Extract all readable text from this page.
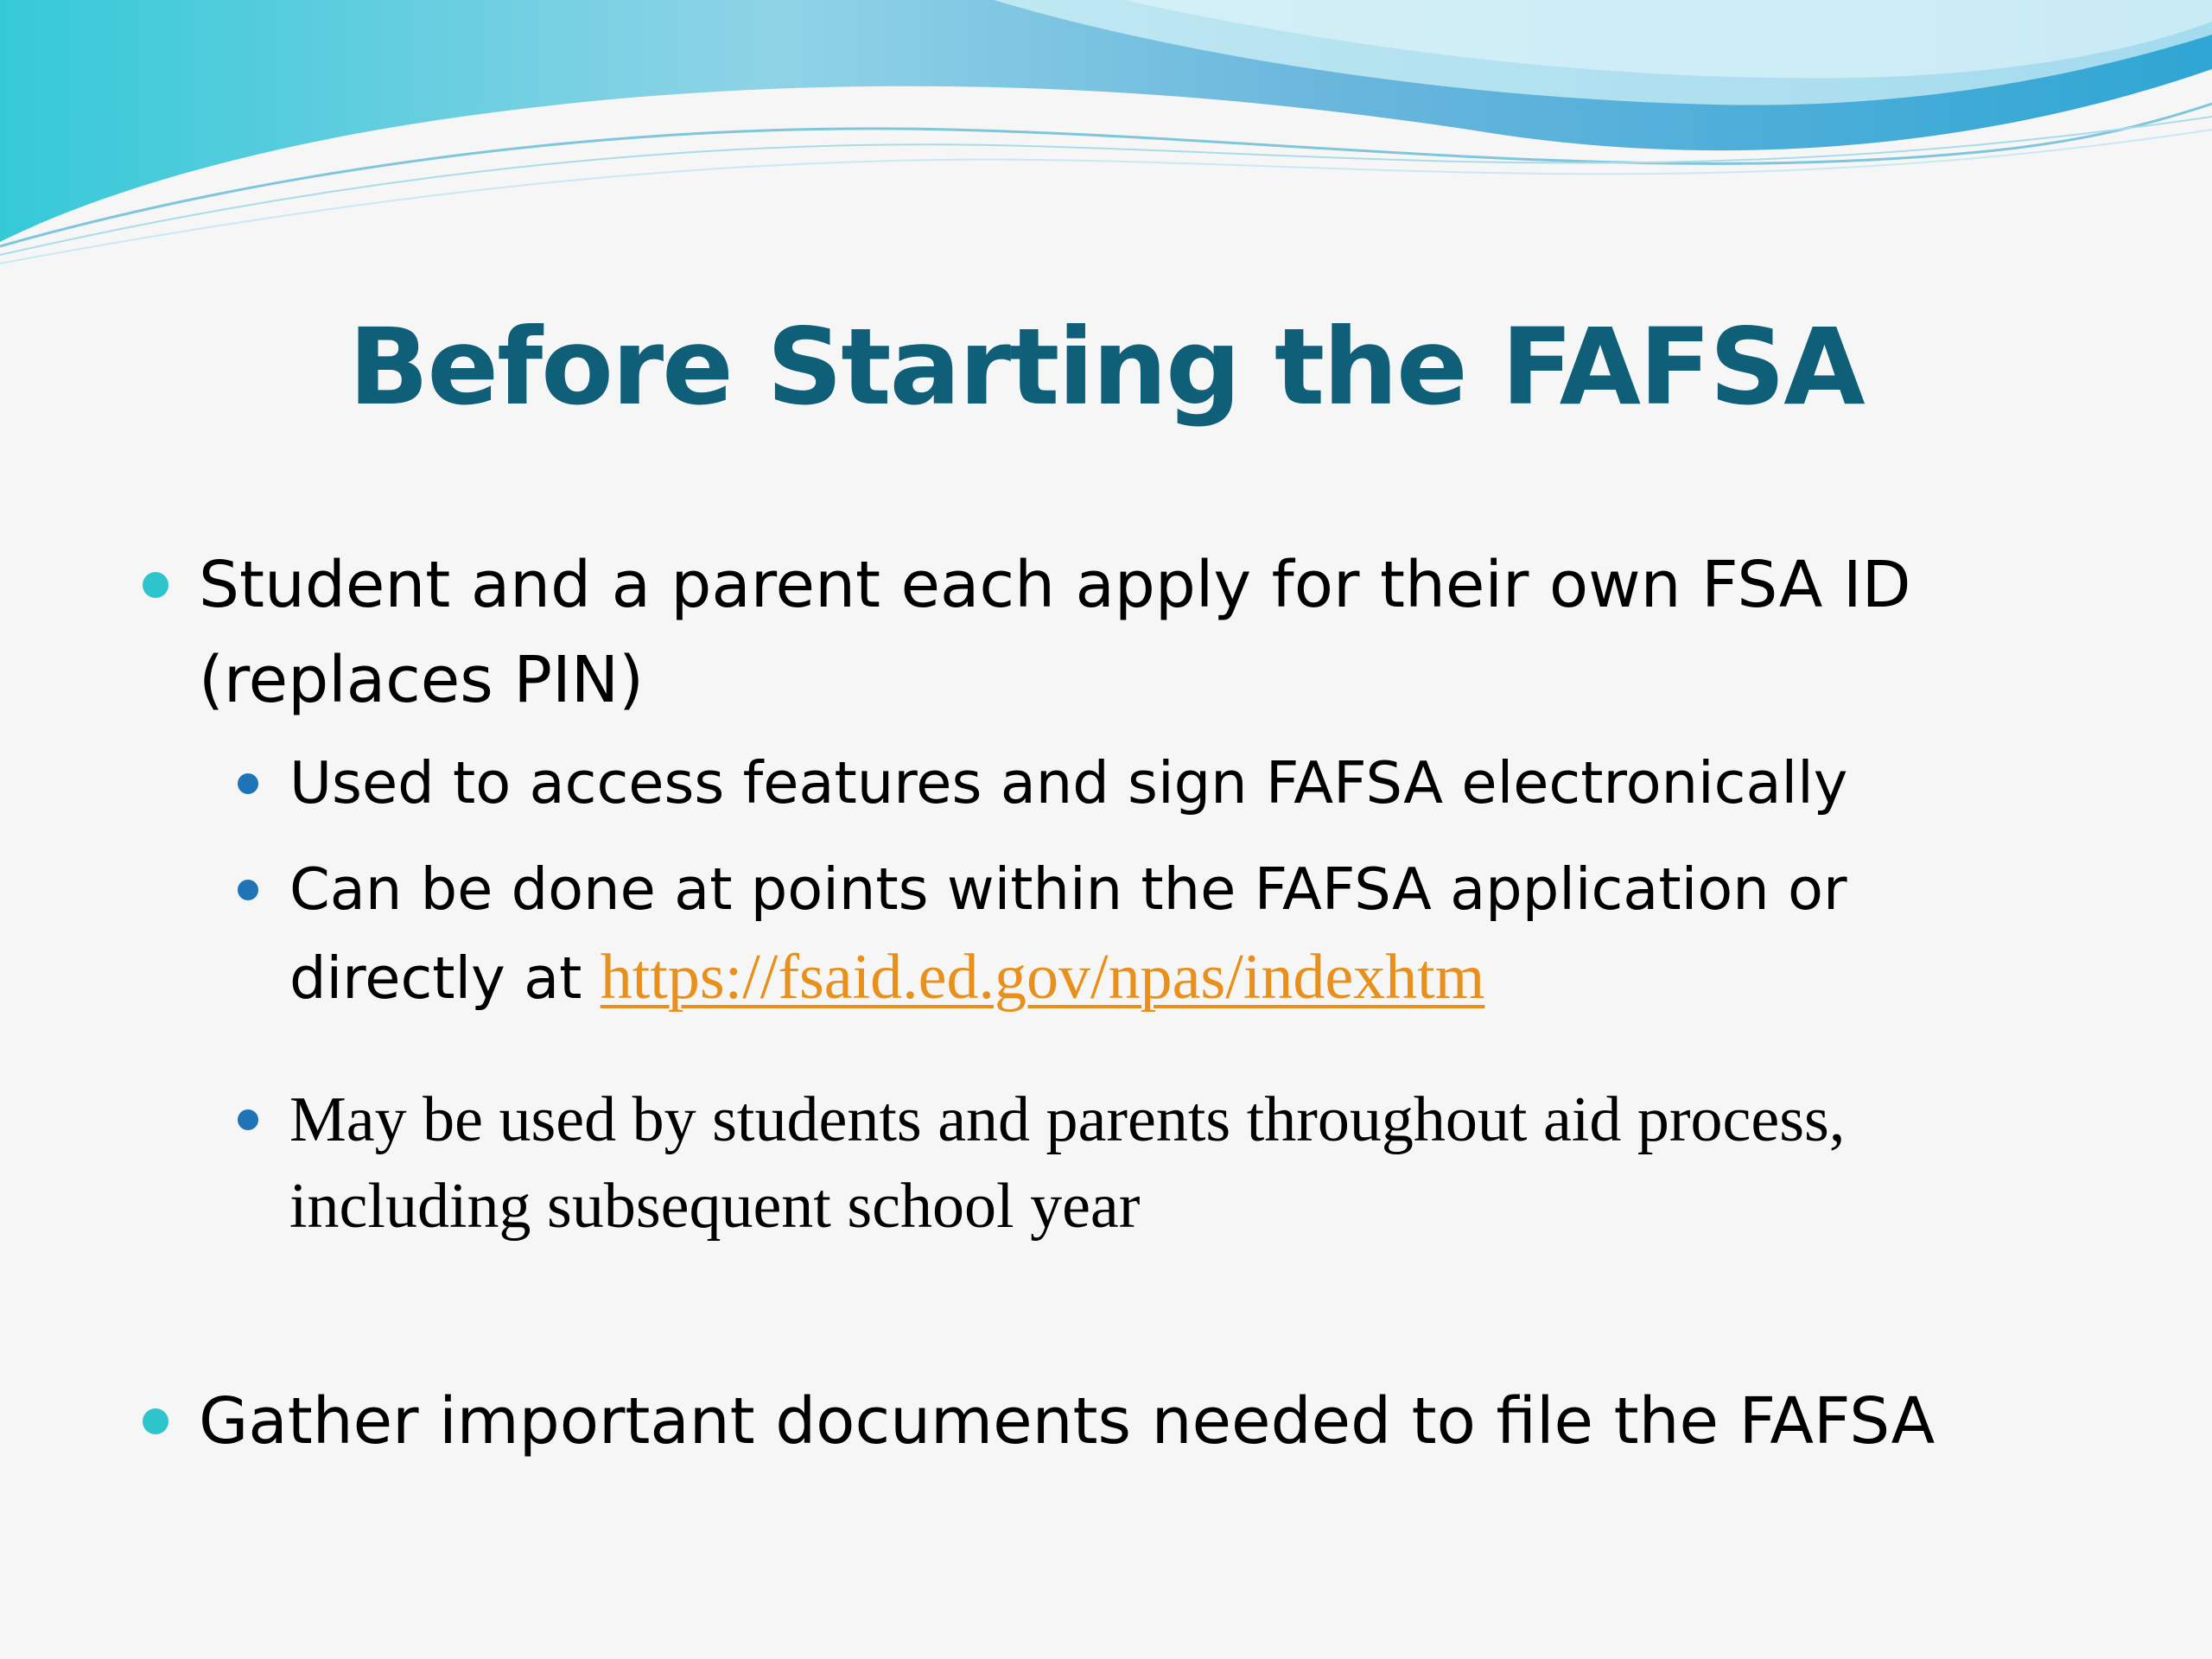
Before Starting the FAFSA
Student and a parent each apply for their own FSA ID (replaces PIN)
Used to access features and sign FAFSA electronically
Can be done at points within the FAFSA application or directly at https://fsaid.ed.gov/npas/indexhtm
May be used by students and parents throughout aid process, including subsequent school year
Gather important documents needed to file the FAFSA
